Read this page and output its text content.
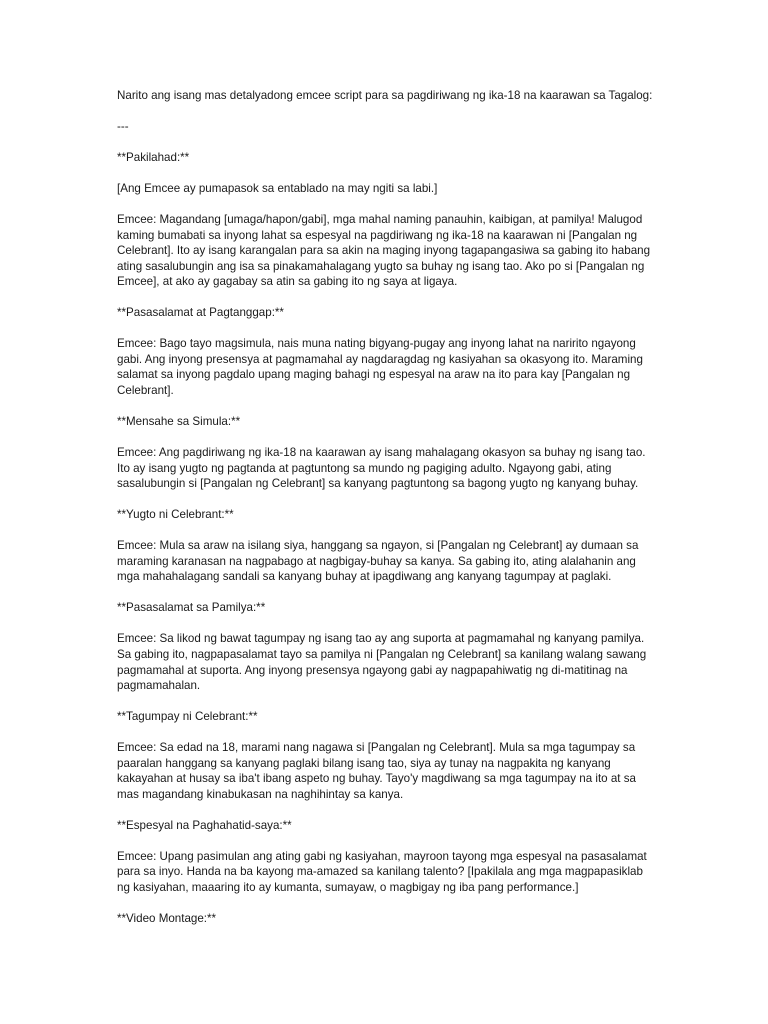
Narito ang isang mas detalyadong emcee script para sa pagdiriwang ng ika-18 na kaarawan sa Tagalog:

---

**Pakilahad:**

[Ang Emcee ay pumapasok sa entablado na may ngiti sa labi.]

Emcee: Magandang [umaga/hapon/gabi], mga mahal naming panauhin, kaibigan, at pamilya! Malugod kaming bumabati sa inyong lahat sa espesyal na pagdiriwang ng ika-18 na kaarawan ni [Pangalan ng Celebrant]. Ito ay isang karangalan para sa akin na maging inyong tagapangasiwa sa gabing ito habang ating sasalubungin ang isa sa pinakamahalagang yugto sa buhay ng isang tao. Ako po si [Pangalan ng Emcee], at ako ay gagabay sa atin sa gabing ito ng saya at ligaya.

**Pasasalamat at Pagtanggap:**

Emcee: Bago tayo magsimula, nais muna nating bigyang-pugay ang inyong lahat na naririto ngayong gabi. Ang inyong presensya at pagmamahal ay nagdaragdag ng kasiyahan sa okasyong ito. Maraming salamat sa inyong pagdalo upang maging bahagi ng espesyal na araw na ito para kay [Pangalan ng Celebrant].

**Mensahe sa Simula:**

Emcee: Ang pagdiriwang ng ika-18 na kaarawan ay isang mahalagang okasyon sa buhay ng isang tao. Ito ay isang yugto ng pagtanda at pagtuntong sa mundo ng pagiging adulto. Ngayong gabi, ating sasalubungin si [Pangalan ng Celebrant] sa kanyang pagtuntong sa bagong yugto ng kanyang buhay.

**Yugto ni Celebrant:**

Emcee: Mula sa araw na isilang siya, hanggang sa ngayon, si [Pangalan ng Celebrant] ay dumaan sa maraming karanasan na nagpabago at nagbigay-buhay sa kanya. Sa gabing ito, ating alalahanin ang mga mahahalagang sandali sa kanyang buhay at ipagdiwang ang kanyang tagumpay at paglaki.

**Pasasalamat sa Pamilya:**

Emcee: Sa likod ng bawat tagumpay ng isang tao ay ang suporta at pagmamahal ng kanyang pamilya. Sa gabing ito, nagpapasalamat tayo sa pamilya ni [Pangalan ng Celebrant] sa kanilang walang sawang pagmamahal at suporta. Ang inyong presensya ngayong gabi ay nagpapahiwatig ng di-matitinag na pagmamahalan.

**Tagumpay ni Celebrant:**

Emcee: Sa edad na 18, marami nang nagawa si [Pangalan ng Celebrant]. Mula sa mga tagumpay sa paaralan hanggang sa kanyang paglaki bilang isang tao, siya ay tunay na nagpakita ng kanyang kakayahan at husay sa iba't ibang aspeto ng buhay. Tayo'y magdiwang sa mga tagumpay na ito at sa mas magandang kinabukasan na naghihintay sa kanya.

**Espesyal na Paghahatid-saya:**

Emcee: Upang pasimulan ang ating gabi ng kasiyahan, mayroon tayong mga espesyal na pasasalamat para sa inyo. Handa na ba kayong ma-amazed sa kanilang talento? [Ipakilala ang mga magpapasiklab ng kasiyahan, maaaring ito ay kumanta, sumayaw, o magbigay ng iba pang performance.]

**Video Montage:**
